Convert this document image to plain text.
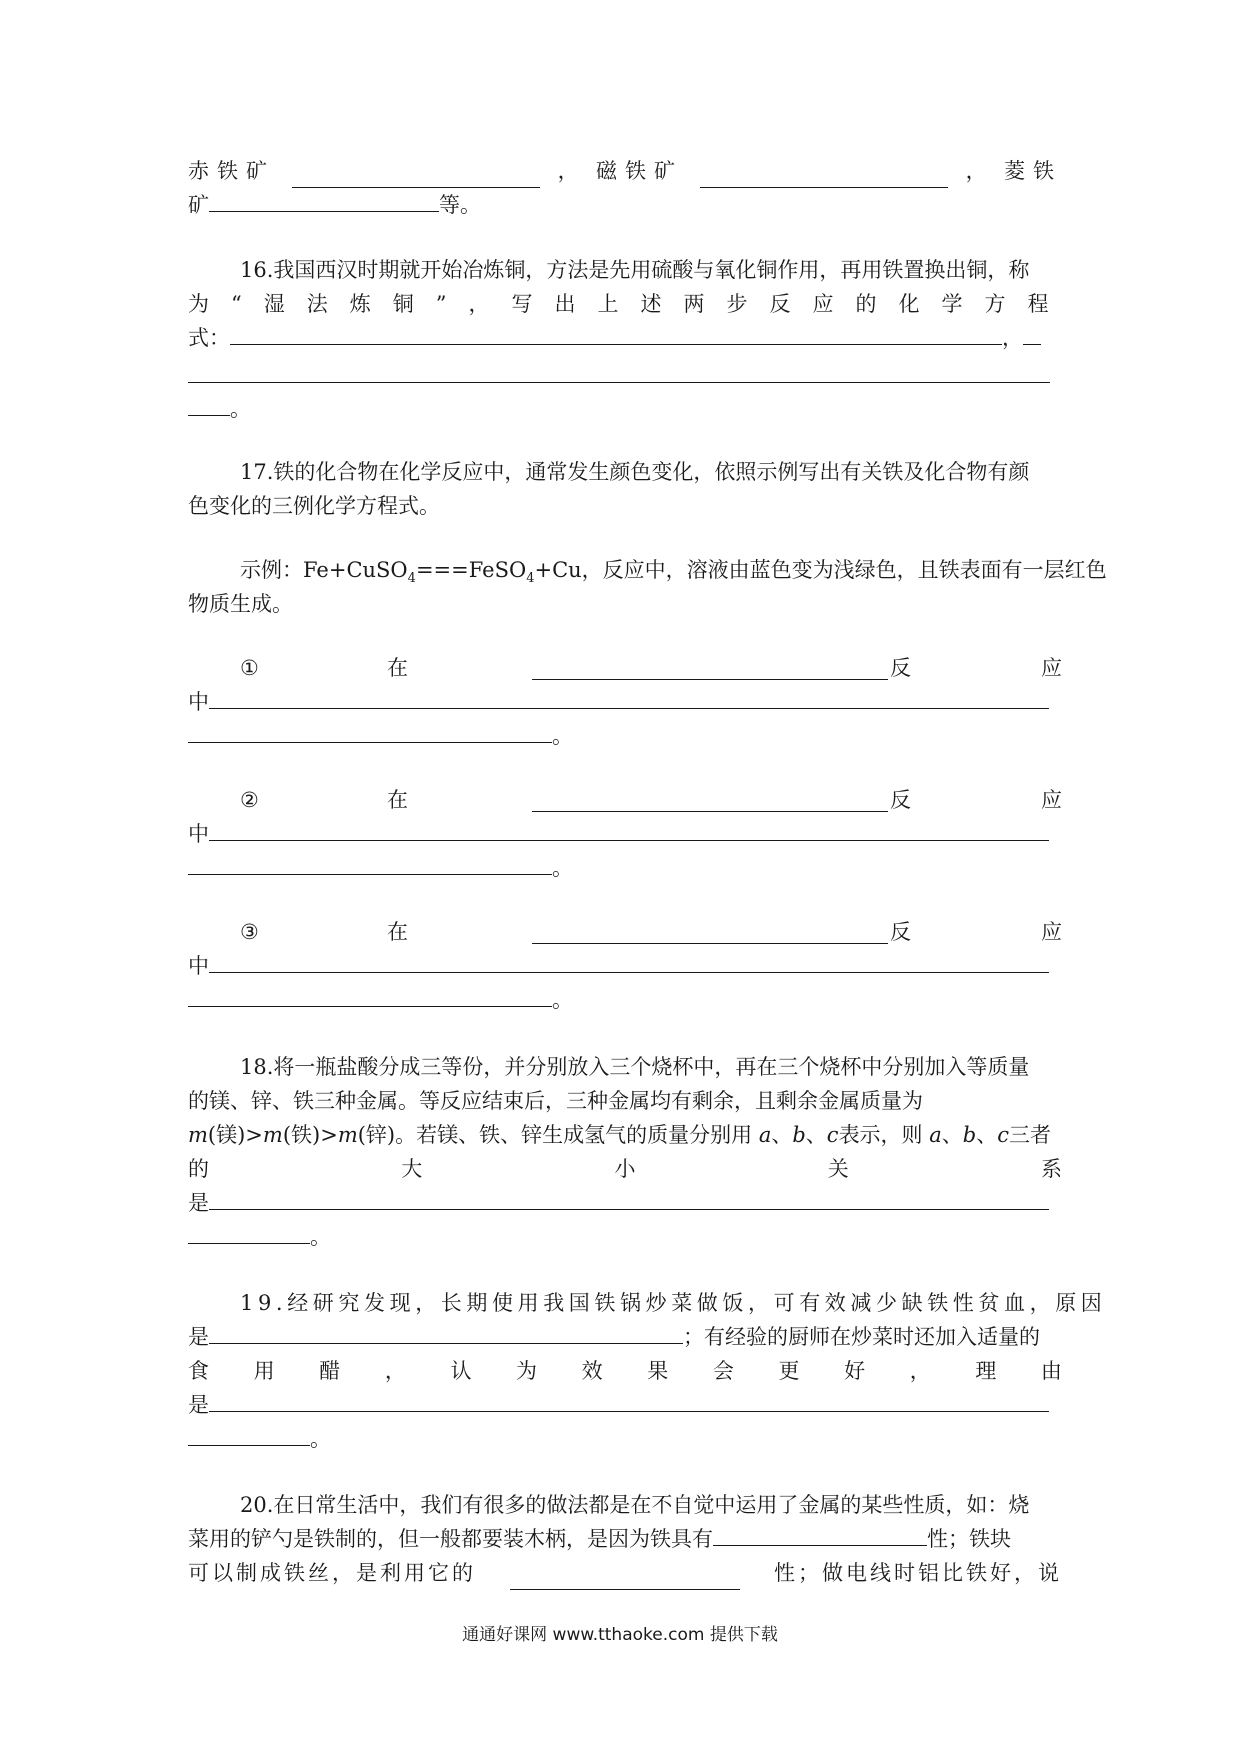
赤铁矿	， 磁铁矿	， 菱铁
矿	等。
16.我国西汉时期就开始冶炼铜，方法是先用硫酸与氧化铜作用，再用铁置换出铜，称
为“湿法炼铜”，写出上述两步反应的化学方程
式：	，
。
17.铁的化合物在化学反应中，通常发生颜色变化，依照示例写出有关铁及化合物有颜
色变化的三例化学方程式。
示例：Fe+CuSO$_4$===FeSO$_4$+Cu，反应中，溶液由蓝色变为浅绿色，且铁表面有一层红色
物质生成。
①	在	反	应
中
。
②	在	反	应
中
。
③	在	反	应
中
。
18.将一瓶盐酸分成三等份，并分别放入三个烧杯中，再在三个烧杯中分别加入等质量
的镁、锌、铁三种金属。等反应结束后，三种金属均有剩余，且剩余金属质量为
m(镁)>m(铁)>m(锌)。若镁、铁、锌生成氢气的质量分别用 a、b、c表示，则 a、b、c三者
的	大	小	关	系
是
。
19.经研究发现，长期使用我国铁锅炒菜做饭，可有效减少缺铁性贫血，原因
是	；有经验的厨师在炒菜时还加入适量的
食 用 醋 ， 认 为 效 果 会 更 好 ， 理 由
是
。
20.在日常生活中，我们有很多的做法都是在不自觉中运用了金属的某些性质，如：烧
菜用的铲勺是铁制的，但一般都要装木柄，是因为铁具有	性；铁块
可以制成铁丝，是利用它的	性；做电线时铝比铁好，说
通通好课网 www.tthaoke.com 提供下载
